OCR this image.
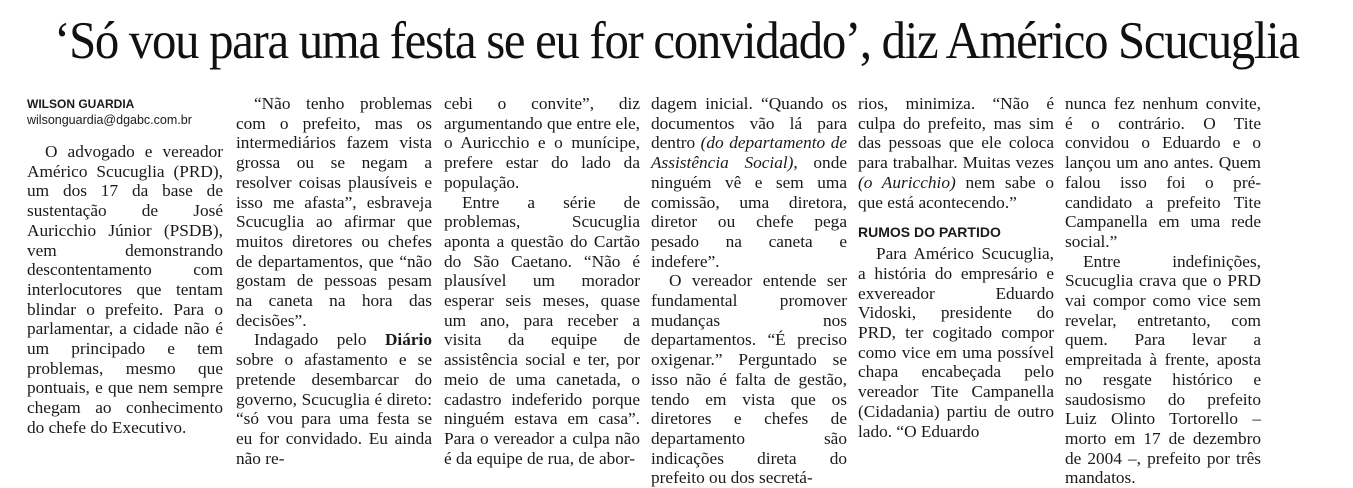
‘Só vou para uma festa se eu for convidado’, diz Américo Scucuglia
WILSON GUARDIA
wilsonguardia@dgabc.com.br

O advogado e vereador Américo Scucuglia (PRD), um dos 17 da base de sustentação de José Auricchio Júnior (PSDB), vem demonstrando descontentamento com interlocutores que tentam blindar o prefeito. Para o parlamentar, a cidade não é um principado e tem problemas, mesmo que pontuais, e que nem sempre chegam ao conhecimento do chefe do Executivo.

“Não tenho problemas com o prefeito, mas os intermediários fazem vista grossa ou se negam a resolver coisas plausíveis e isso me afasta”, esbraveja Scucuglia ao afirmar que muitos diretores ou chefes de departamentos, que “não gostam de pessoas pesam na caneta na hora das decisões”.

Indagado pelo Diário sobre o afastamento e se pretende desembarcar do governo, Scucuglia é direto: “só vou para uma festa se eu for convidado. Eu ainda não re-

cebi o convite”, diz argumentando que entre ele, o Auricchio e o munícipe, prefere estar do lado da população.

Entre a série de problemas, Scucuglia aponta a questão do Cartão do São Caetano. “Não é plausível um morador esperar seis meses, quase um ano, para receber a visita da equipe de assistência social e ter, por meio de uma canetada, o cadastro indeferido porque ninguém estava em casa”. Para o vereador a culpa não é da equipe de rua, de abor-

dagem inicial. “Quando os documentos vão lá para dentro (do departamento de Assistência Social), onde ninguém vê e sem uma comissão, uma diretora, diretor ou chefe pega pesado na caneta e indefere”.

O vereador entende ser fundamental promover mudanças nos departamentos. “É preciso oxigenar.” Perguntado se isso não é falta de gestão, tendo em vista que os diretores e chefes de departamento são indicações direta do prefeito ou dos secretá-

rios, minimiza. “Não é culpa do prefeito, mas sim das pessoas que ele coloca para trabalhar. Muitas vezes (o Auricchio) nem sabe o que está acontecendo.”

RUMOS DO PARTIDO

Para Américo Scucuglia, a história do empresário e exvereador Eduardo Vidoski, presidente do PRD, ter cogitado compor como vice em uma possível chapa encabeçada pelo vereador Tite Campanella (Cidadania) partiu de outro lado. “O Eduardo

nunca fez nenhum convite, é o contrário. O Tite convidou o Eduardo e o lançou um ano antes. Quem falou isso foi o pré-candidato a prefeito Tite Campanella em uma rede social.”

Entre indefinições, Scucuglia crava que o PRD vai compor como vice sem revelar, entretanto, com quem. Para levar a empreitada à frente, aposta no resgate histórico e saudosismo do prefeito Luiz Olinto Tortorello – morto em 17 de dezembro de 2004 –, prefeito por três mandatos.
